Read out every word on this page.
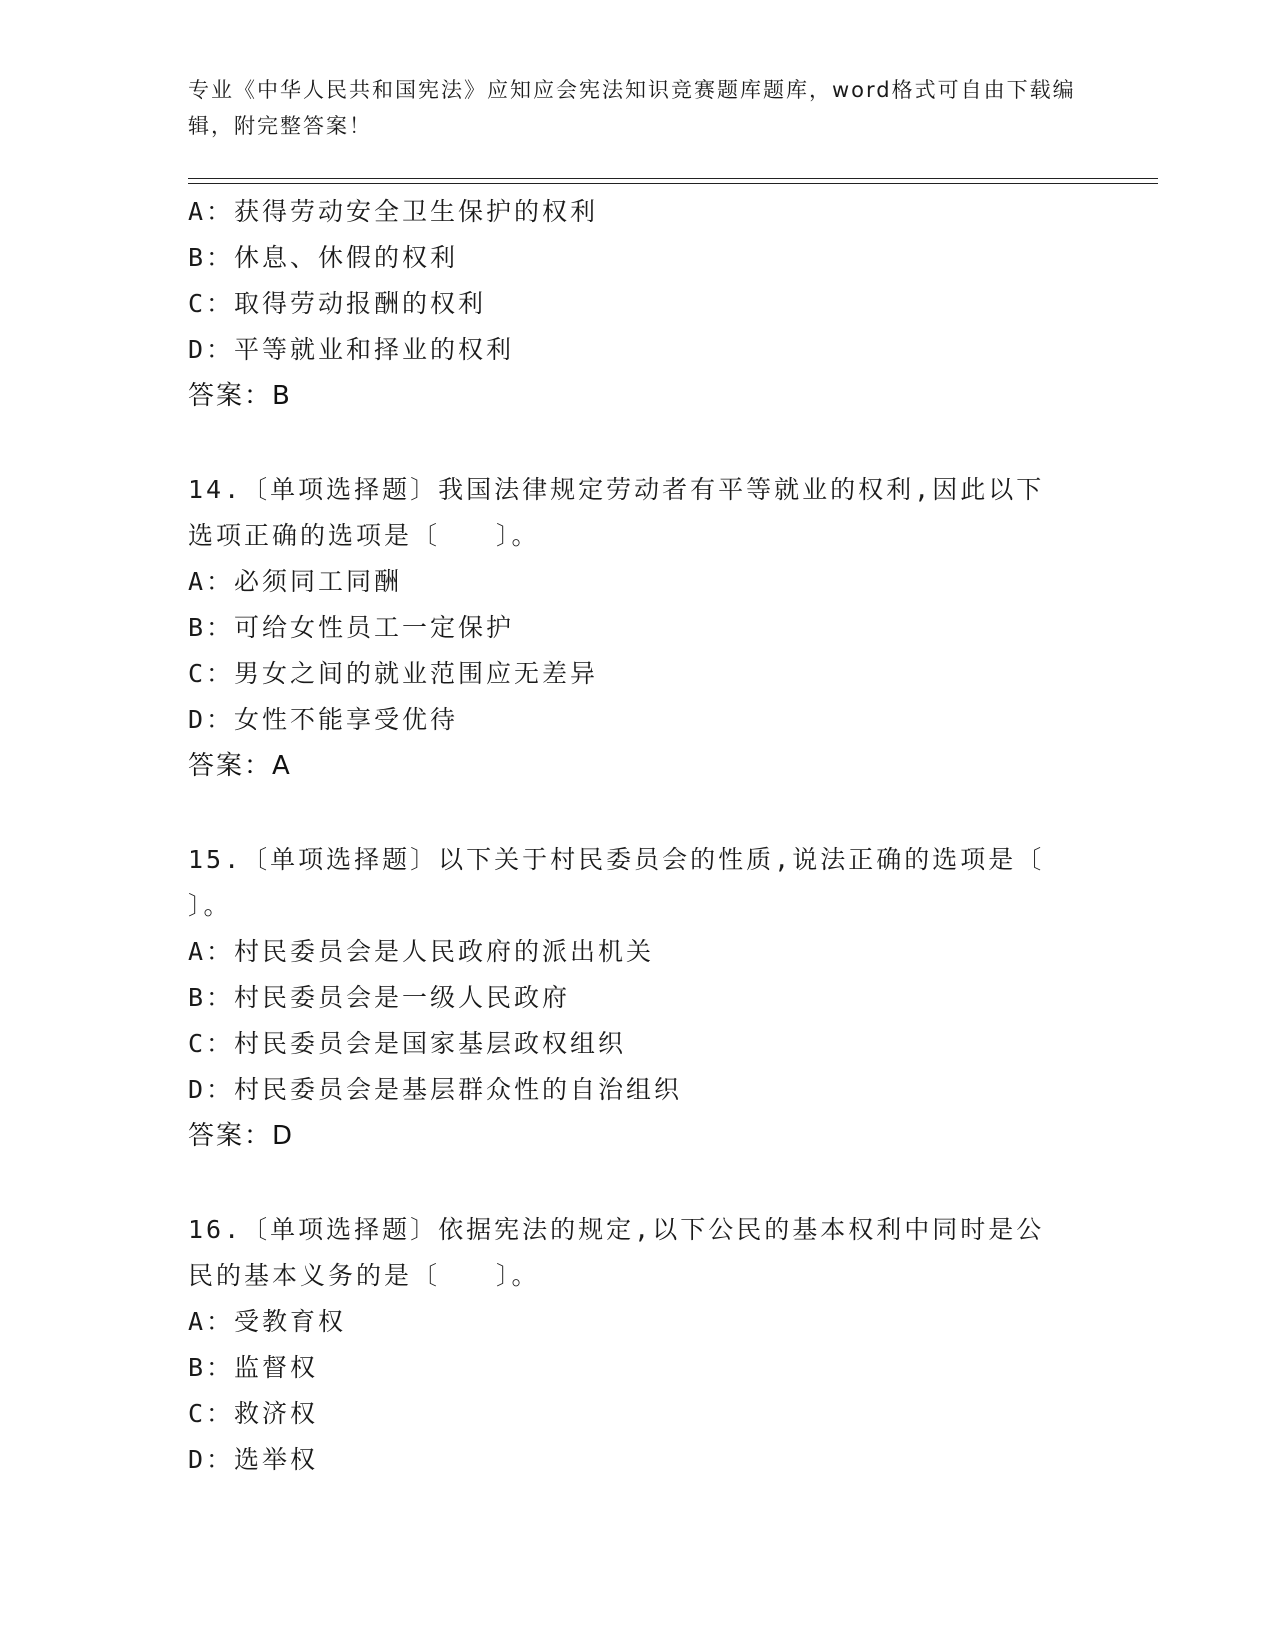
专业《中华人民共和国宪法》应知应会宪法知识竞赛题库题库，word格式可自由下载编辑，附完整答案！
A：获得劳动安全卫生保护的权利
B：休息、休假的权利
C：取得劳动报酬的权利
D：平等就业和择业的权利
答案：B
14.〔单项选择题〕我国法律规定劳动者有平等就业的权利,因此以下
选项正确的选项是〔　　〕。
A：必须同工同酬
B：可给女性员工一定保护
C：男女之间的就业范围应无差异
D：女性不能享受优待
答案：A
15.〔单项选择题〕以下关于村民委员会的性质,说法正确的选项是〔
〕。
A：村民委员会是人民政府的派出机关
B：村民委员会是一级人民政府
C：村民委员会是国家基层政权组织
D：村民委员会是基层群众性的自治组织
答案：D
16.〔单项选择题〕依据宪法的规定,以下公民的基本权利中同时是公
民的基本义务的是〔　　〕。
A：受教育权
B：监督权
C：救济权
D：选举权
